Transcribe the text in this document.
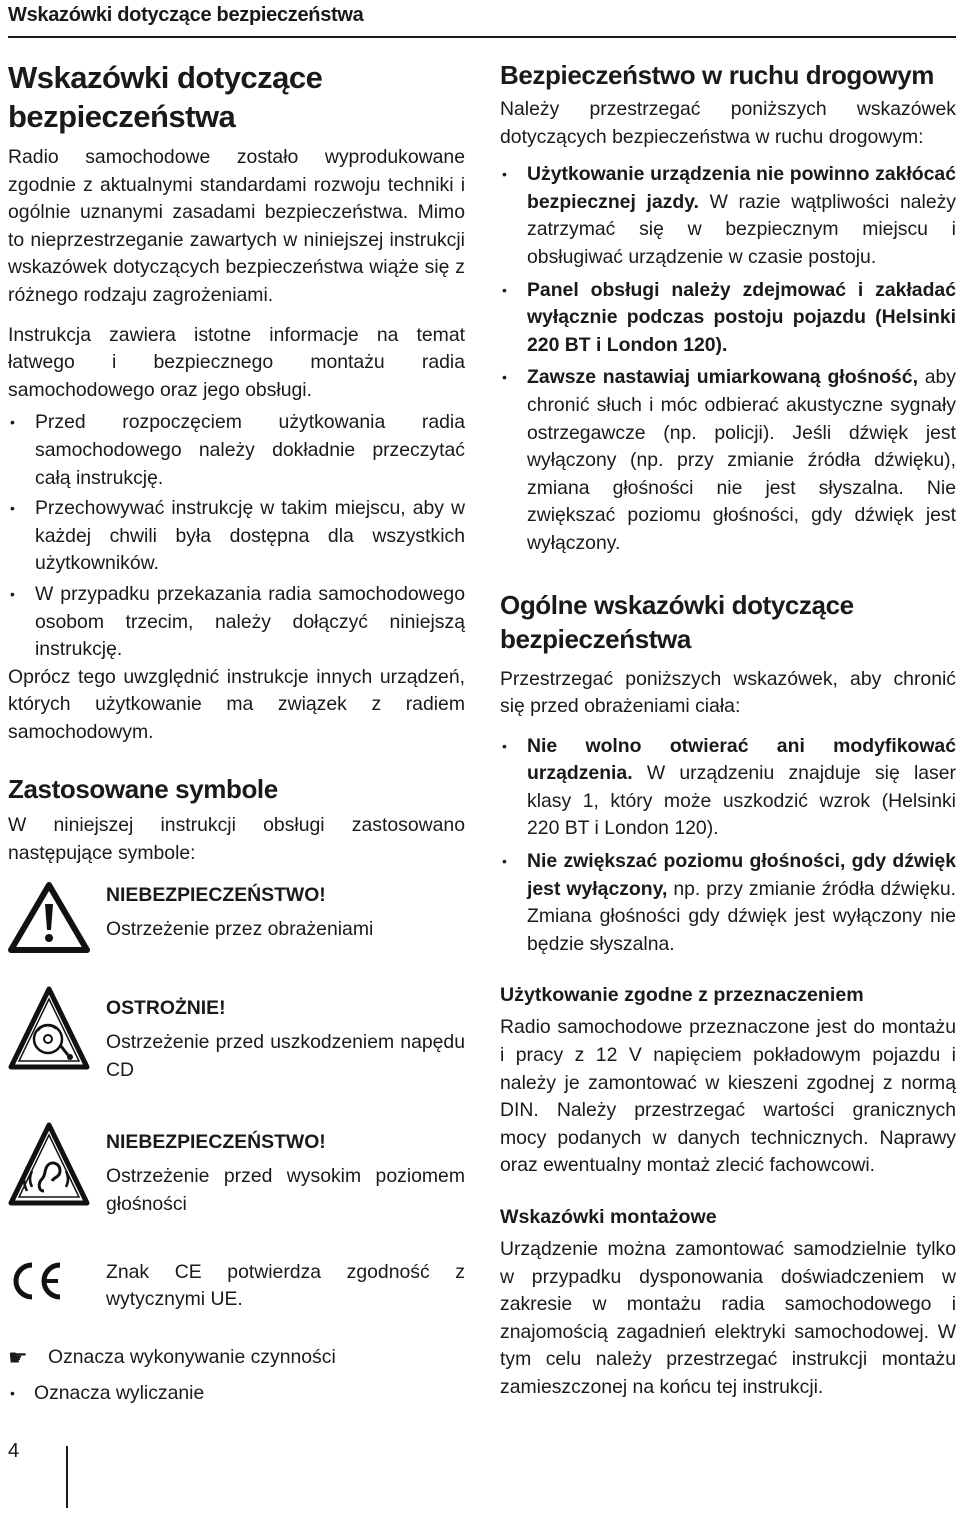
Wskazówki dotyczące bezpieczeństwa
Wskazówki dotyczące
bezpieczeństwa

Radio samochodowe zostało wyprodukowane zgodnie z aktualnymi standardami rozwoju techniki i ogólnie uznanymi zasadami bezpieczeństwa. Mimo to nieprzestrzeganie zawartych w niniejszej instrukcji wskazówek dotyczących bezpieczeństwa wiąże się z różnego rodzaju zagrożeniami.

Instrukcja zawiera istotne informacje na temat łatwego i bezpiecznego montażu radia samochodowego oraz jego obsługi.

• Przed rozpoczęciem użytkowania radia samochodowego należy dokładnie przeczytać całą instrukcję.
• Przechowywać instrukcję w takim miejscu, aby w każdej chwili była dostępna dla wszystkich użytkowników.
• W przypadku przekazania radia samochodowego osobom trzecim, należy dołączyć niniejszą instrukcję.

Oprócz tego uwzględnić instrukcje innych urządzeń, których użytkowanie ma związek z radiem samochodowym.

Zastosowane symbole

W niniejszej instrukcji obsługi zastosowano następujące symbole:

NIEBEZPIECZEŃSTWO!
Ostrzeżenie przez obrażeniami
OSTROŻNIE!
Ostrzeżenie przed uszkodzeniem napędu CD
NIEBEZPIECZEŃSTWO!
Ostrzeżenie przed wysokim poziomem głośności
Znak CE potwierdza zgodność z wytycznymi UE.
☛ Oznacza wykonywanie czynności
• Oznacza wyliczanie
4
Bezpieczeństwo w ruchu drogowym

Należy przestrzegać poniższych wskazówek dotyczących bezpieczeństwa w ruchu drogowym:

• Użytkowanie urządzenia nie powinno zakłócać bezpiecznej jazdy. W razie wątpliwości należy zatrzymać się w bezpiecznym miejscu i obsługiwać urządzenie w czasie postoju.
• Panel obsługi należy zdejmować i zakładać wyłącznie podczas postoju pojazdu (Helsinki 220 BT i London 120).
• Zawsze nastawiaj umiarkowaną głośność, aby chronić słuch i móc odbierać akustyczne sygnały ostrzegawcze (np. policji). Jeśli dźwięk jest wyłączony (np. przy zmianie źródła dźwięku), zmiana głośności nie jest słyszalna. Nie zwiększać poziomu głośności, gdy dźwięk jest wyłączony.
Ogólne wskazówki dotyczące
bezpieczeństwa

Przestrzegać poniższych wskazówek, aby chronić się przed obrażeniami ciała:

• Nie wolno otwierać ani modyfikować urządzenia. W urządzeniu znajduje się laser klasy 1, który może uszkodzić wzrok (Helsinki 220 BT i London 120).
• Nie zwiększać poziomu głośności, gdy dźwięk jest wyłączony, np. przy zmianie źródła dźwięku. Zmiana głośności gdy dźwięk jest wyłączony nie będzie słyszalna.
Użytkowanie zgodne z przeznaczeniem

Radio samochodowe przeznaczone jest do montażu i pracy z 12 V napięciem pokładowym pojazdu i należy je zamontować w kieszeni zgodnej z normą DIN. Należy przestrzegać wartości granicznych mocy podanych w danych technicznych. Naprawy oraz ewentualny montaż zlecić fachowcowi.

Wskazówki montażowe

Urządzenie można zamontować samodzielnie tylko w przypadku dysponowania doświadczeniem w zakresie w montażu radia samochodowego i znajomością zagadnień elektryki samochodowej. W tym celu należy przestrzegać instrukcji montażu zamieszczonej na końcu tej instrukcji.
